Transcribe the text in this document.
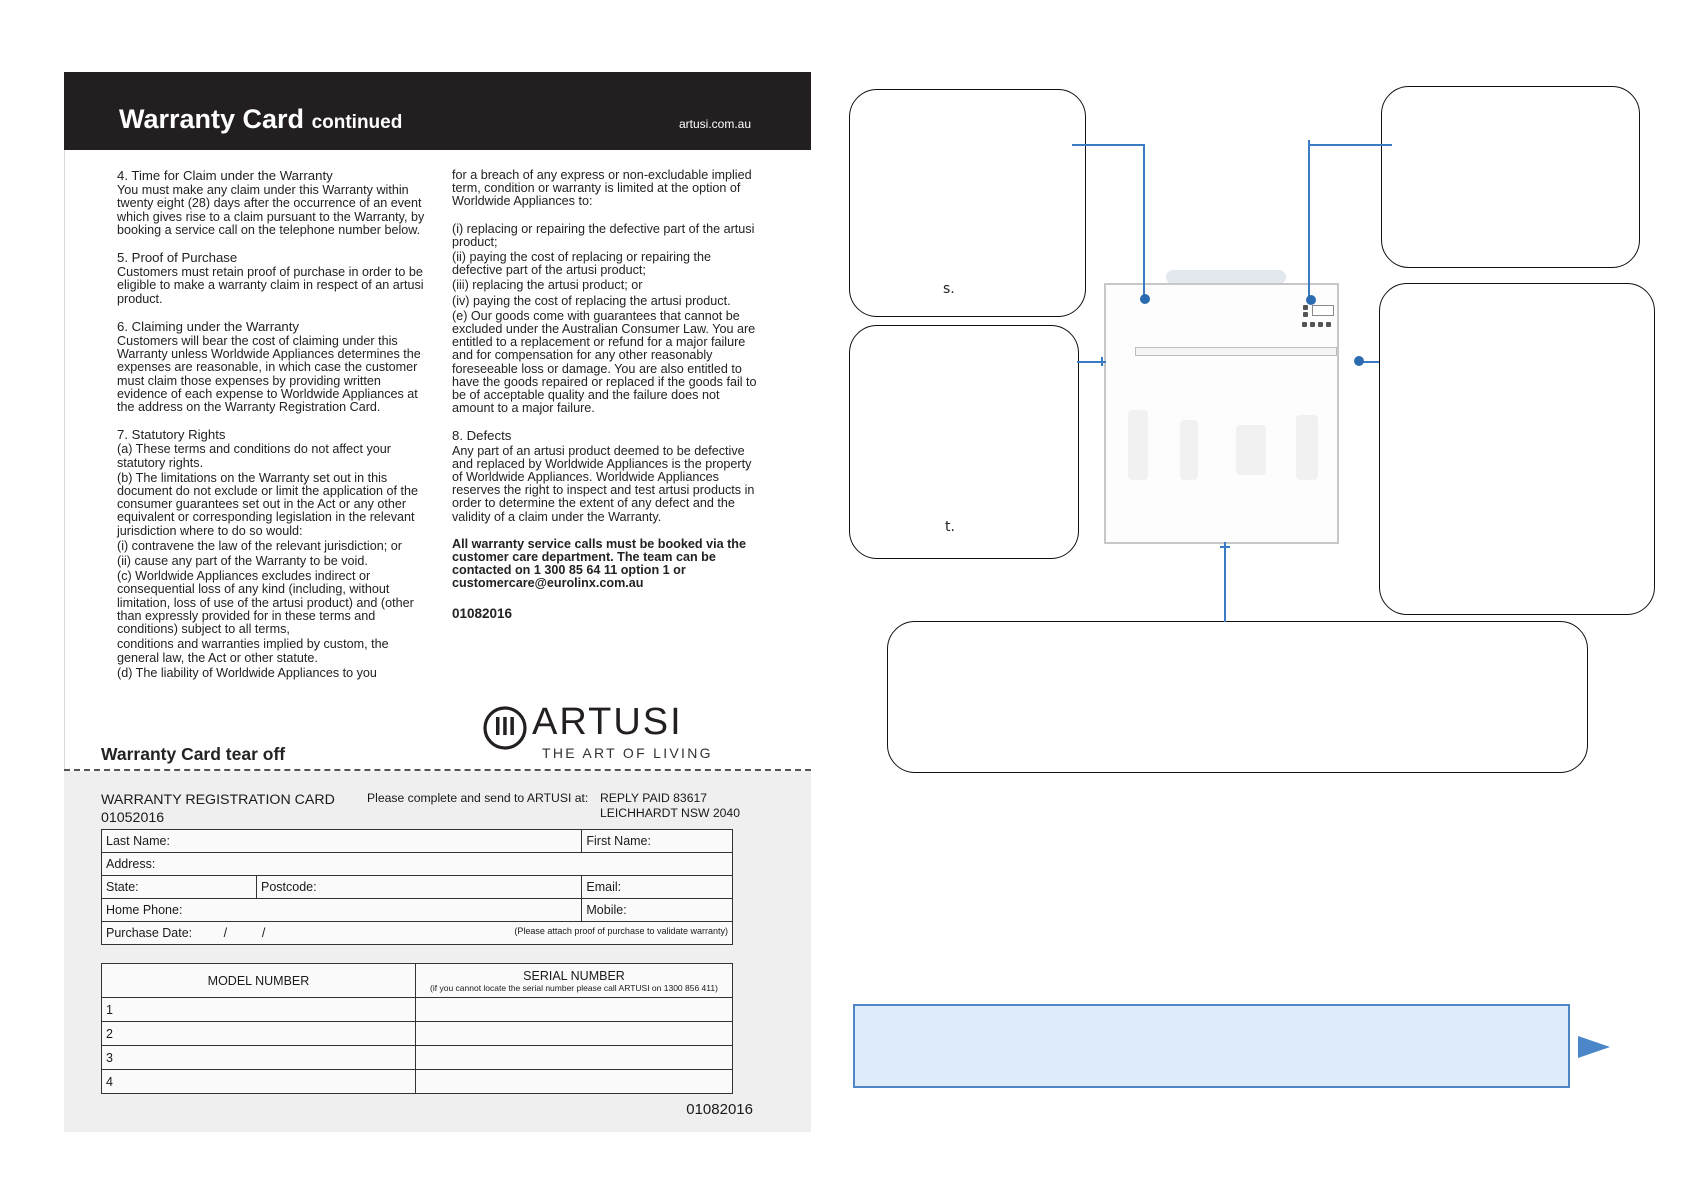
Warranty Card continued	artusi.com.au

4. Time for Claim under the Warranty

You must make any claim under this Warranty within twenty eight (28) days after the occurrence of an event which gives rise to a claim pursuant to the Warranty, by booking a service call on the telephone number below.

5. Proof of Purchase

Customers must retain proof of purchase in order to be eligible to make a warranty claim in respect of an artusi product.

6. Claiming under the Warranty

Customers will bear the cost of claiming under this Warranty unless Worldwide Appliances determines the expenses are reasonable, in which case the customer must claim those expenses by providing written evidence of each expense to Worldwide Appliances at the address on the Warranty Registration Card.

7. Statutory Rights

(a) These terms and conditions do not affect your statutory rights.

(b) The limitations on the Warranty set out in this document do not exclude or limit the application of the consumer guarantees set out in the Act or any other equivalent or corresponding legislation in the relevant jurisdiction where to do so would:

(i) contravene the law of the relevant jurisdiction; or

(ii) cause any part of the Warranty to be void.

(c) Worldwide Appliances excludes indirect or consequential loss of any kind (including, without limitation, loss of use of the artusi product) and (other than expressly provided for in these terms and conditions) subject to all terms,

conditions and warranties implied by custom, the general law, the Act or other statute.

(d) The liability of Worldwide Appliances to you

for a breach of any express or non-excludable implied term, condition or warranty is limited at the option of Worldwide Appliances to:

(i) replacing or repairing the defective part of the artusi product;

(ii) paying the cost of replacing or repairing the defective part of the artusi product;

(iii) replacing the artusi product; or

(iv) paying the cost of replacing the artusi product.

(e) Our goods come with guarantees that cannot be excluded under the Australian Consumer Law. You are entitled to a replacement or refund for a major failure and for compensation for any other reasonably foreseeable loss or damage. You are also entitled to have the goods repaired or replaced if the goods fail to be of acceptable quality and the failure does not amount to a major failure.

8. Defects

Any part of an artusi product deemed to be defective and replaced by Worldwide Appliances is the property of Worldwide Appliances. Worldwide Appliances reserves the right to inspect and test artusi products in order to determine the extent of any defect and the validity of a claim under the Warranty.

All warranty service calls must be booked via the customer care department. The team can be contacted on 1 300 85 64 11 option 1 or customercare@eurolinx.com.au

01082016

ARTUSI
THE ART OF LIVING
Warranty Card tear off
WARRANTY REGISTRATION CARD
01052016
Please complete and send to ARTUSI at: REPLY PAID 83617
LEICHHARDT NSW 2040
Last Name:		First Name:
Address:		
State:	Postcode:	Email:
Home Phone:		Mobile:
Purchase Date: /          / (Please attach proof of purchase to validate warranty)		
MODEL NUMBER	SERIAL NUMBER
(if you cannot locate the serial number please call ARTUSI on 1300 856 411)

1	
2	
3	
4	
01082016
s.
t.
